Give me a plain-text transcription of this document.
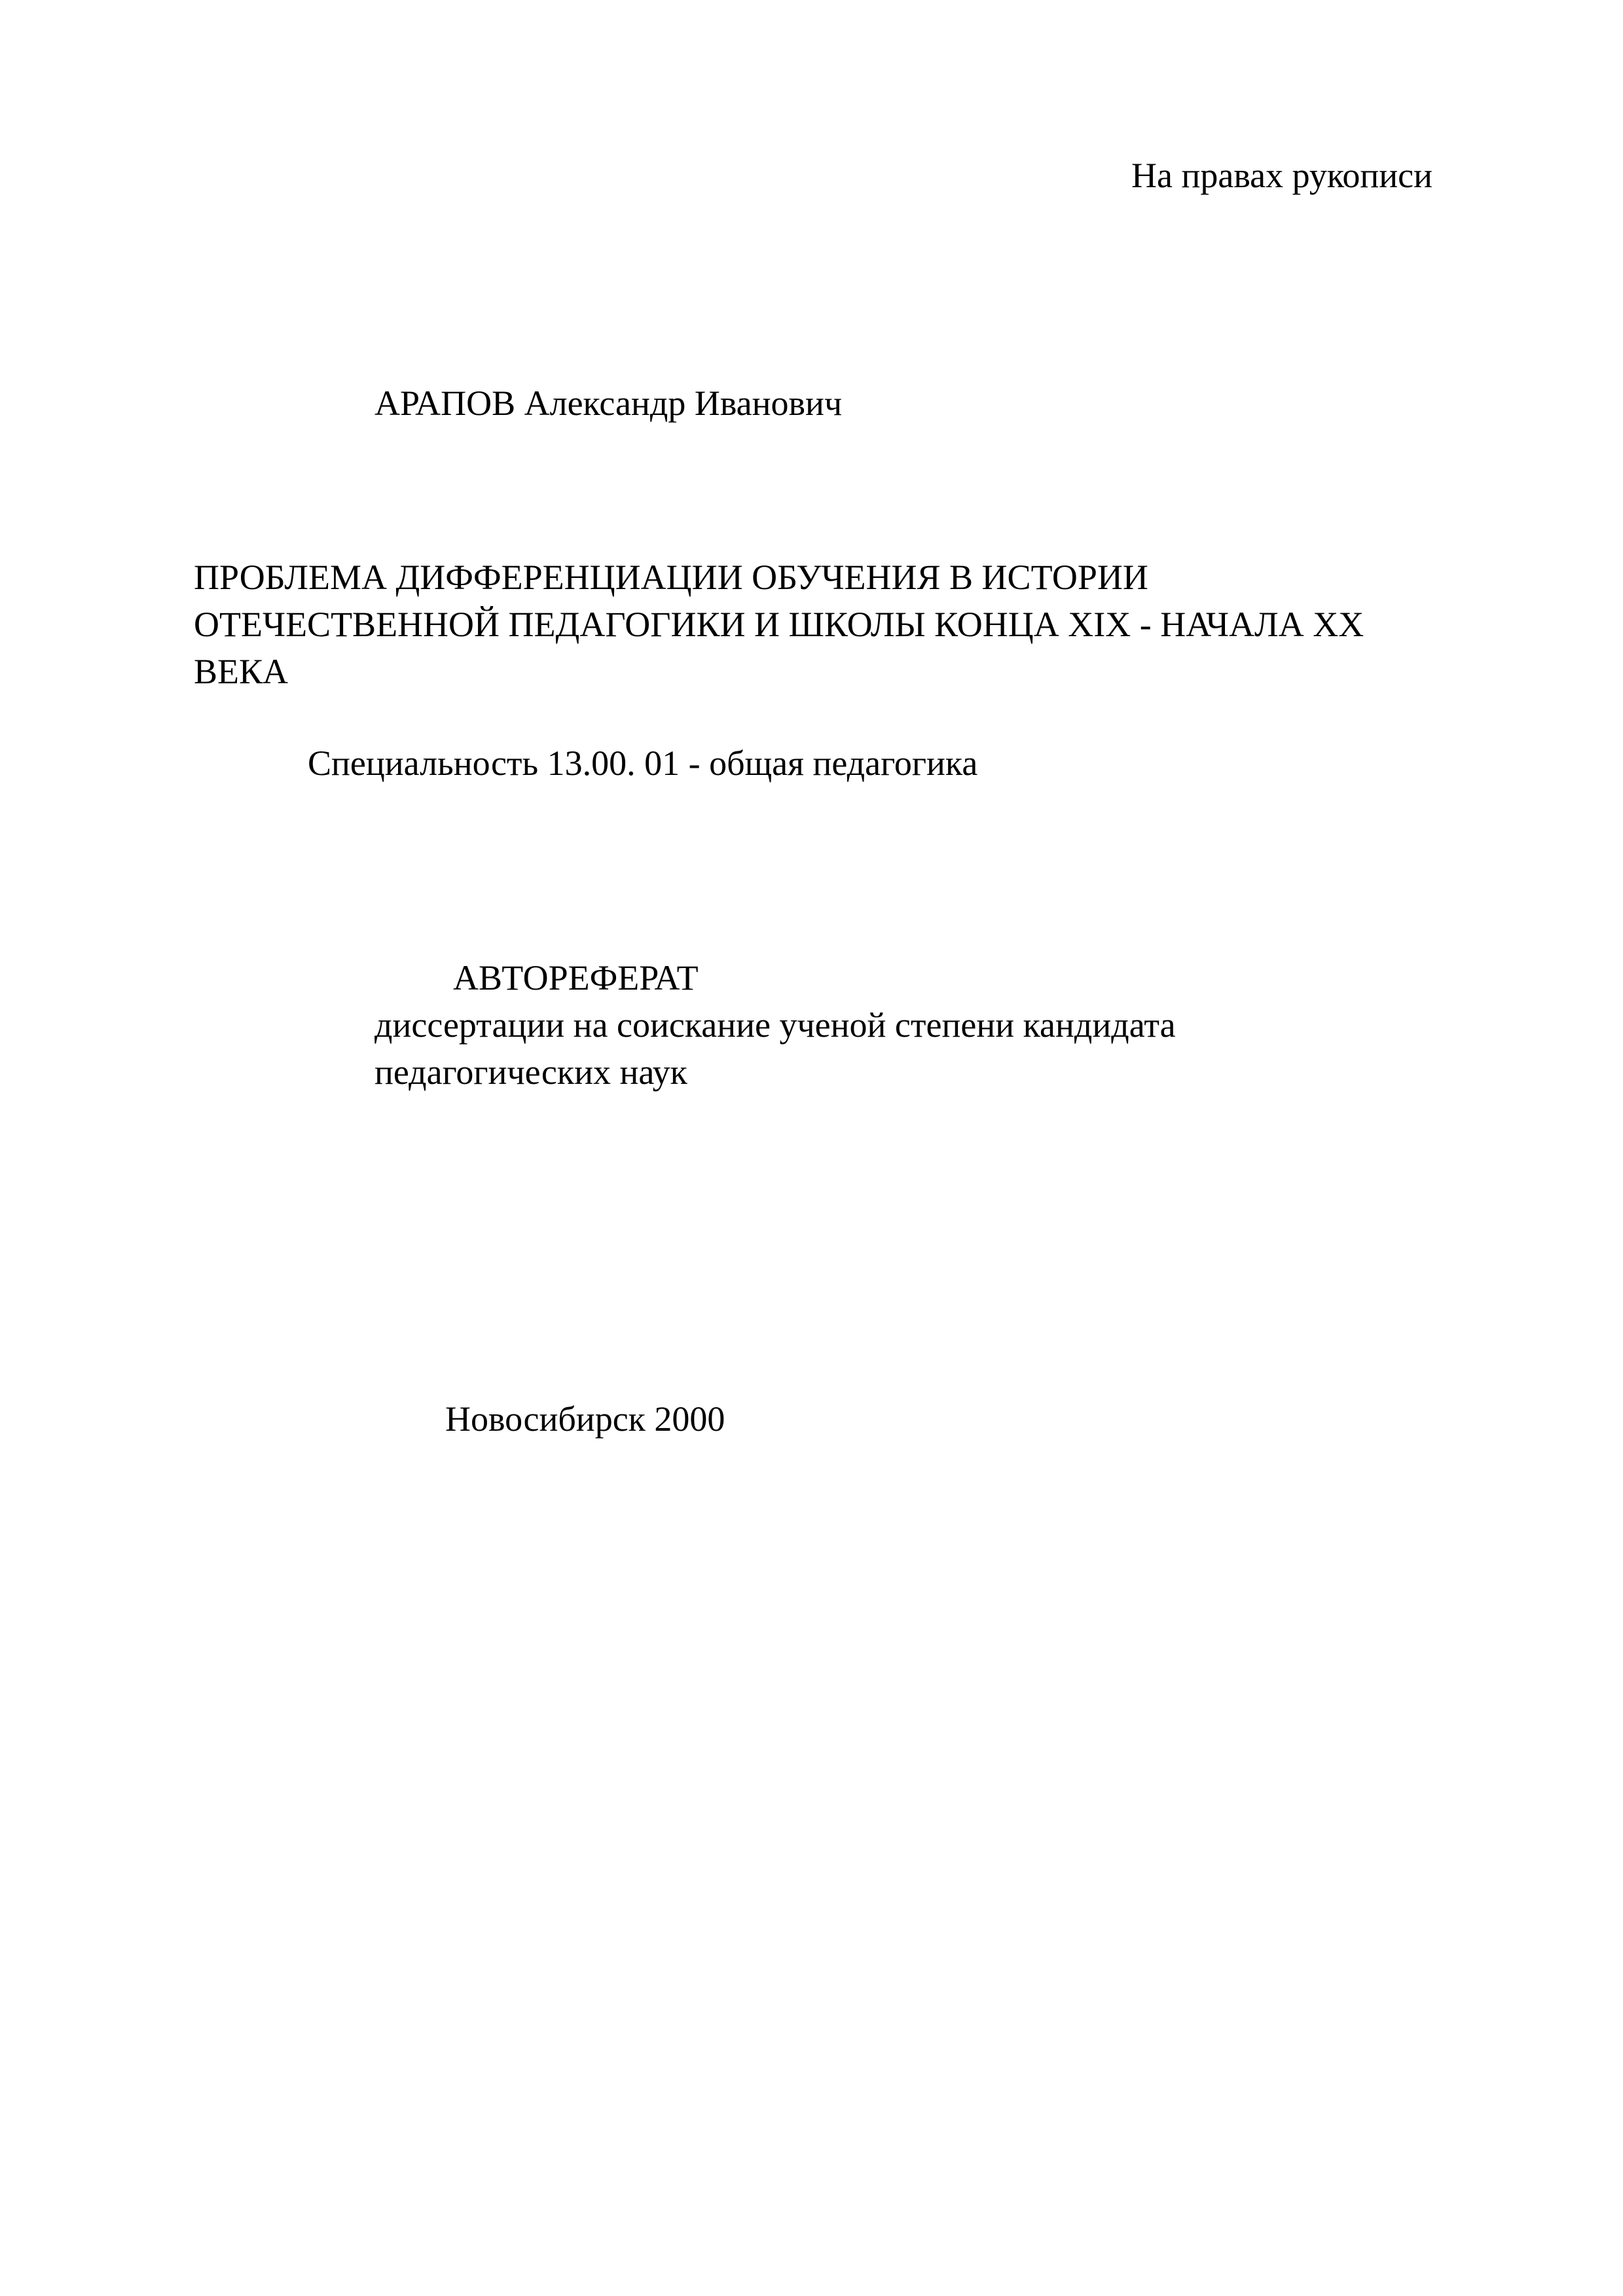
На правах рукописи

АРАПОВ Александр Иванович

ПРОБЛЕМА ДИФФЕРЕНЦИАЦИИ ОБУЧЕНИЯ В ИСТОРИИ
ОТЕЧЕСТВЕННОЙ ПЕДАГОГИКИ И ШКОЛЫ КОНЦА XIX - НАЧАЛА XX
ВЕКА

Специальность 13.00. 01 - общая педагогика

АВТОРЕФЕРАТ

диссертации на соискание ученой степени кандидата
педагогических наук

Новосибирск 2000
